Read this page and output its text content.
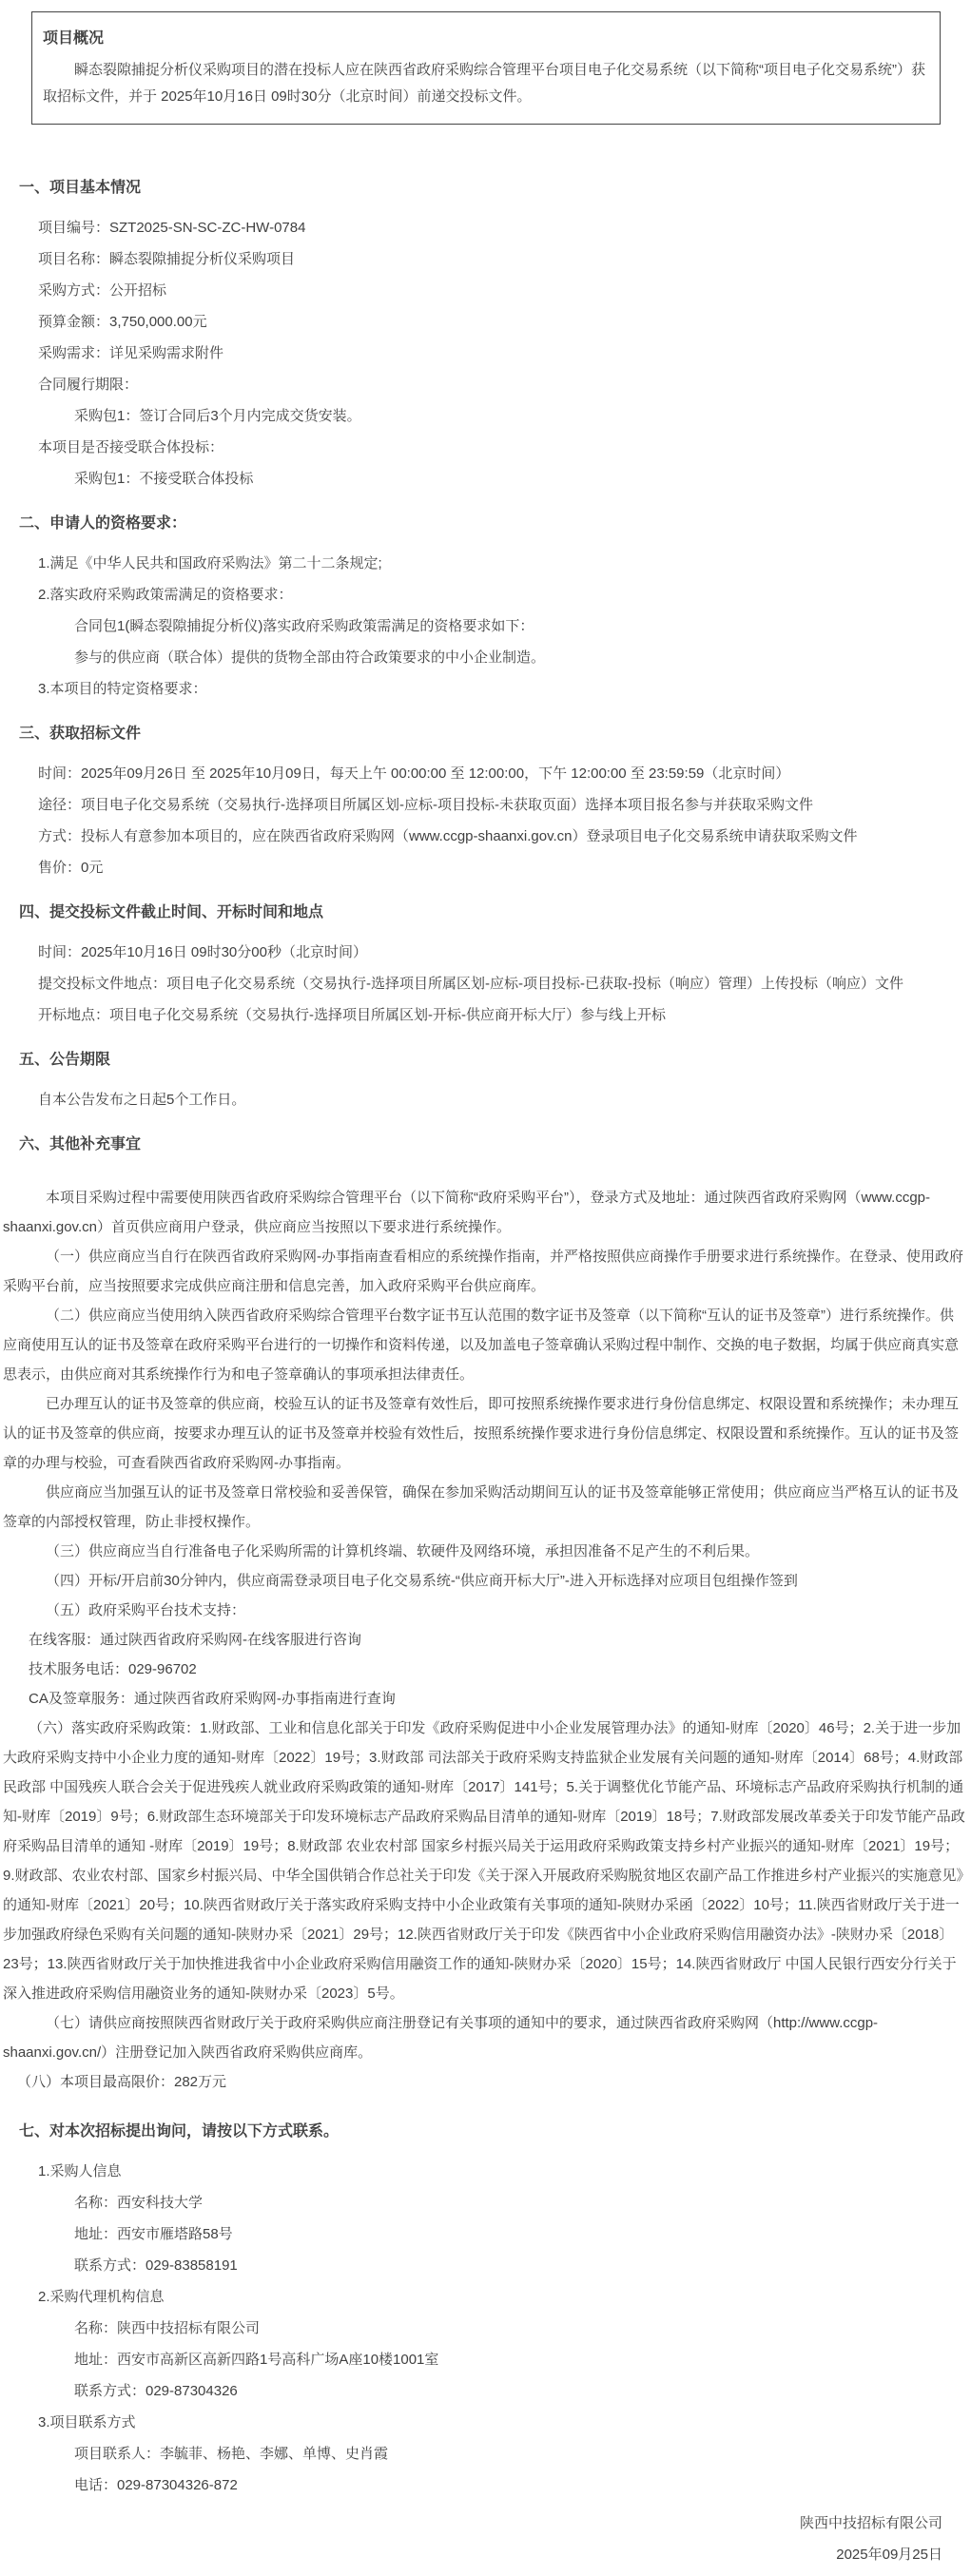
项目概况
瞬态裂隙捕捉分析仪采购项目的潜在投标人应在陕西省政府采购综合管理平台项目电子化交易系统（以下简称“项目电子化交易系统”）获取招标文件，并于 2025年10月16日 09时30分（北京时间）前递交投标文件。
一、项目基本情况
项目编号：SZT2025-SN-SC-ZC-HW-0784
项目名称：瞬态裂隙捕捉分析仪采购项目
采购方式：公开招标
预算金额：3,750,000.00元
采购需求：详见采购需求附件
合同履行期限：
采购包1：签订合同后3个月内完成交货安装。
本项目是否接受联合体投标：
采购包1：不接受联合体投标
二、申请人的资格要求：
1.满足《中华人民共和国政府采购法》第二十二条规定;
2.落实政府采购政策需满足的资格要求：
合同包1(瞬态裂隙捕捉分析仪)落实政府采购政策需满足的资格要求如下：
参与的供应商（联合体）提供的货物全部由符合政策要求的中小企业制造。
3.本项目的特定资格要求：
三、获取招标文件
时间：2025年09月26日 至 2025年10月09日，每天上午 00:00:00 至 12:00:00，下午 12:00:00 至 23:59:59（北京时间）
途径：项目电子化交易系统（交易执行-选择项目所属区划-应标-项目投标-未获取页面）选择本项目报名参与并获取采购文件
方式：投标人有意参加本项目的，应在陕西省政府采购网（www.ccgp-shaanxi.gov.cn）登录项目电子化交易系统申请获取采购文件
售价：0元
四、提交投标文件截止时间、开标时间和地点
时间：2025年10月16日 09时30分00秒（北京时间）
提交投标文件地点：项目电子化交易系统（交易执行-选择项目所属区划-应标-项目投标-已获取-投标（响应）管理）上传投标（响应）文件
开标地点：项目电子化交易系统（交易执行-选择项目所属区划-开标-供应商开标大厅）参与线上开标
五、公告期限
自本公告发布之日起5个工作日。
六、其他补充事宜

本项目采购过程中需要使用陕西省政府采购综合管理平台（以下简称“政府采购平台”），登录方式及地址：通过陕西省政府采购网（www.ccgp-shaanxi.gov.cn）首页供应商用户登录，供应商应当按照以下要求进行系统操作。

（一）供应商应当自行在陕西省政府采购网-办事指南查看相应的系统操作指南，并严格按照供应商操作手册要求进行系统操作。在登录、使用政府采购平台前，应当按照要求完成供应商注册和信息完善，加入政府采购平台供应商库。

（二）供应商应当使用纳入陕西省政府采购综合管理平台数字证书互认范围的数字证书及签章（以下简称“互认的证书及签章”）进行系统操作。供应商使用互认的证书及签章在政府采购平台进行的一切操作和资料传递，以及加盖电子签章确认采购过程中制作、交换的电子数据，均属于供应商真实意思表示，由供应商对其系统操作行为和电子签章确认的事项承担法律责任。

已办理互认的证书及签章的供应商，校验互认的证书及签章有效性后，即可按照系统操作要求进行身份信息绑定、权限设置和系统操作；未办理互认的证书及签章的供应商，按要求办理互认的证书及签章并校验有效性后，按照系统操作要求进行身份信息绑定、权限设置和系统操作。互认的证书及签章的办理与校验，可查看陕西省政府采购网-办事指南。

供应商应当加强互认的证书及签章日常校验和妥善保管，确保在参加采购活动期间互认的证书及签章能够正常使用；供应商应当严格互认的证书及签章的内部授权管理，防止非授权操作。

（三）供应商应当自行准备电子化采购所需的计算机终端、软硬件及网络环境，承担因准备不足产生的不利后果。

（四）开标/开启前30分钟内，供应商需登录项目电子化交易系统-“供应商开标大厅”-进入开标选择对应项目包组操作签到

（五）政府采购平台技术支持：

在线客服：通过陕西省政府采购网-在线客服进行咨询

技术服务电话：029-96702

CA及签章服务：通过陕西省政府采购网-办事指南进行查询

（六）落实政府采购政策：1.财政部、工业和信息化部关于印发《政府采购促进中小企业发展管理办法》的通知-财库〔2020〕46号；2.关于进一步加大政府采购支持中小企业力度的通知-财库〔2022〕19号；3.财政部 司法部关于政府采购支持监狱企业发展有关问题的通知-财库〔2014〕68号；4.财政部 民政部 中国残疾人联合会关于促进残疾人就业政府采购政策的通知-财库〔2017〕141号；5.关于调整优化节能产品、环境标志产品政府采购执行机制的通知-财库〔2019〕9号；6.财政部生态环境部关于印发环境标志产品政府采购品目清单的通知-财库〔2019〕18号；7.财政部发展改革委关于印发节能产品政府采购品目清单的通知 -财库〔2019〕19号；8.财政部 农业农村部 国家乡村振兴局关于运用政府采购政策支持乡村产业振兴的通知-财库〔2021〕19号；9.财政部、农业农村部、国家乡村振兴局、中华全国供销合作总社关于印发《关于深入开展政府采购脱贫地区农副产品工作推进乡村产业振兴的实施意见》的通知-财库〔2021〕20号；10.陕西省财政厅关于落实政府采购支持中小企业政策有关事项的通知-陕财办采函〔2022〕10号；11.陕西省财政厅关于进一步加强政府绿色采购有关问题的通知-陕财办采〔2021〕29号；12.陕西省财政厅关于印发《陕西省中小企业政府采购信用融资办法》-陕财办采〔2018〕23号；13.陕西省财政厅关于加快推进我省中小企业政府采购信用融资工作的通知-陕财办采〔2020〕15号；14.陕西省财政厅 中国人民银行西安分行关于深入推进政府采购信用融资业务的通知-陕财办采〔2023〕5号。

（七）请供应商按照陕西省财政厅关于政府采购供应商注册登记有关事项的通知中的要求，通过陕西省政府采购网（http://www.ccgp-shaanxi.gov.cn/）注册登记加入陕西省政府采购供应商库。

（八）本项目最高限价：282万元

七、对本次招标提出询问，请按以下方式联系。
1.采购人信息
名称：西安科技大学
地址：西安市雁塔路58号
联系方式：029-83858191
2.采购代理机构信息
名称：陕西中技招标有限公司
地址：西安市高新区高新四路1号高科广场A座10楼1001室
联系方式：029-87304326
3.项目联系方式
项目联系人：李毓菲、杨艳、李娜、单博、史肖霞
电话：029-87304326-872
陕西中技招标有限公司
2025年09月25日
